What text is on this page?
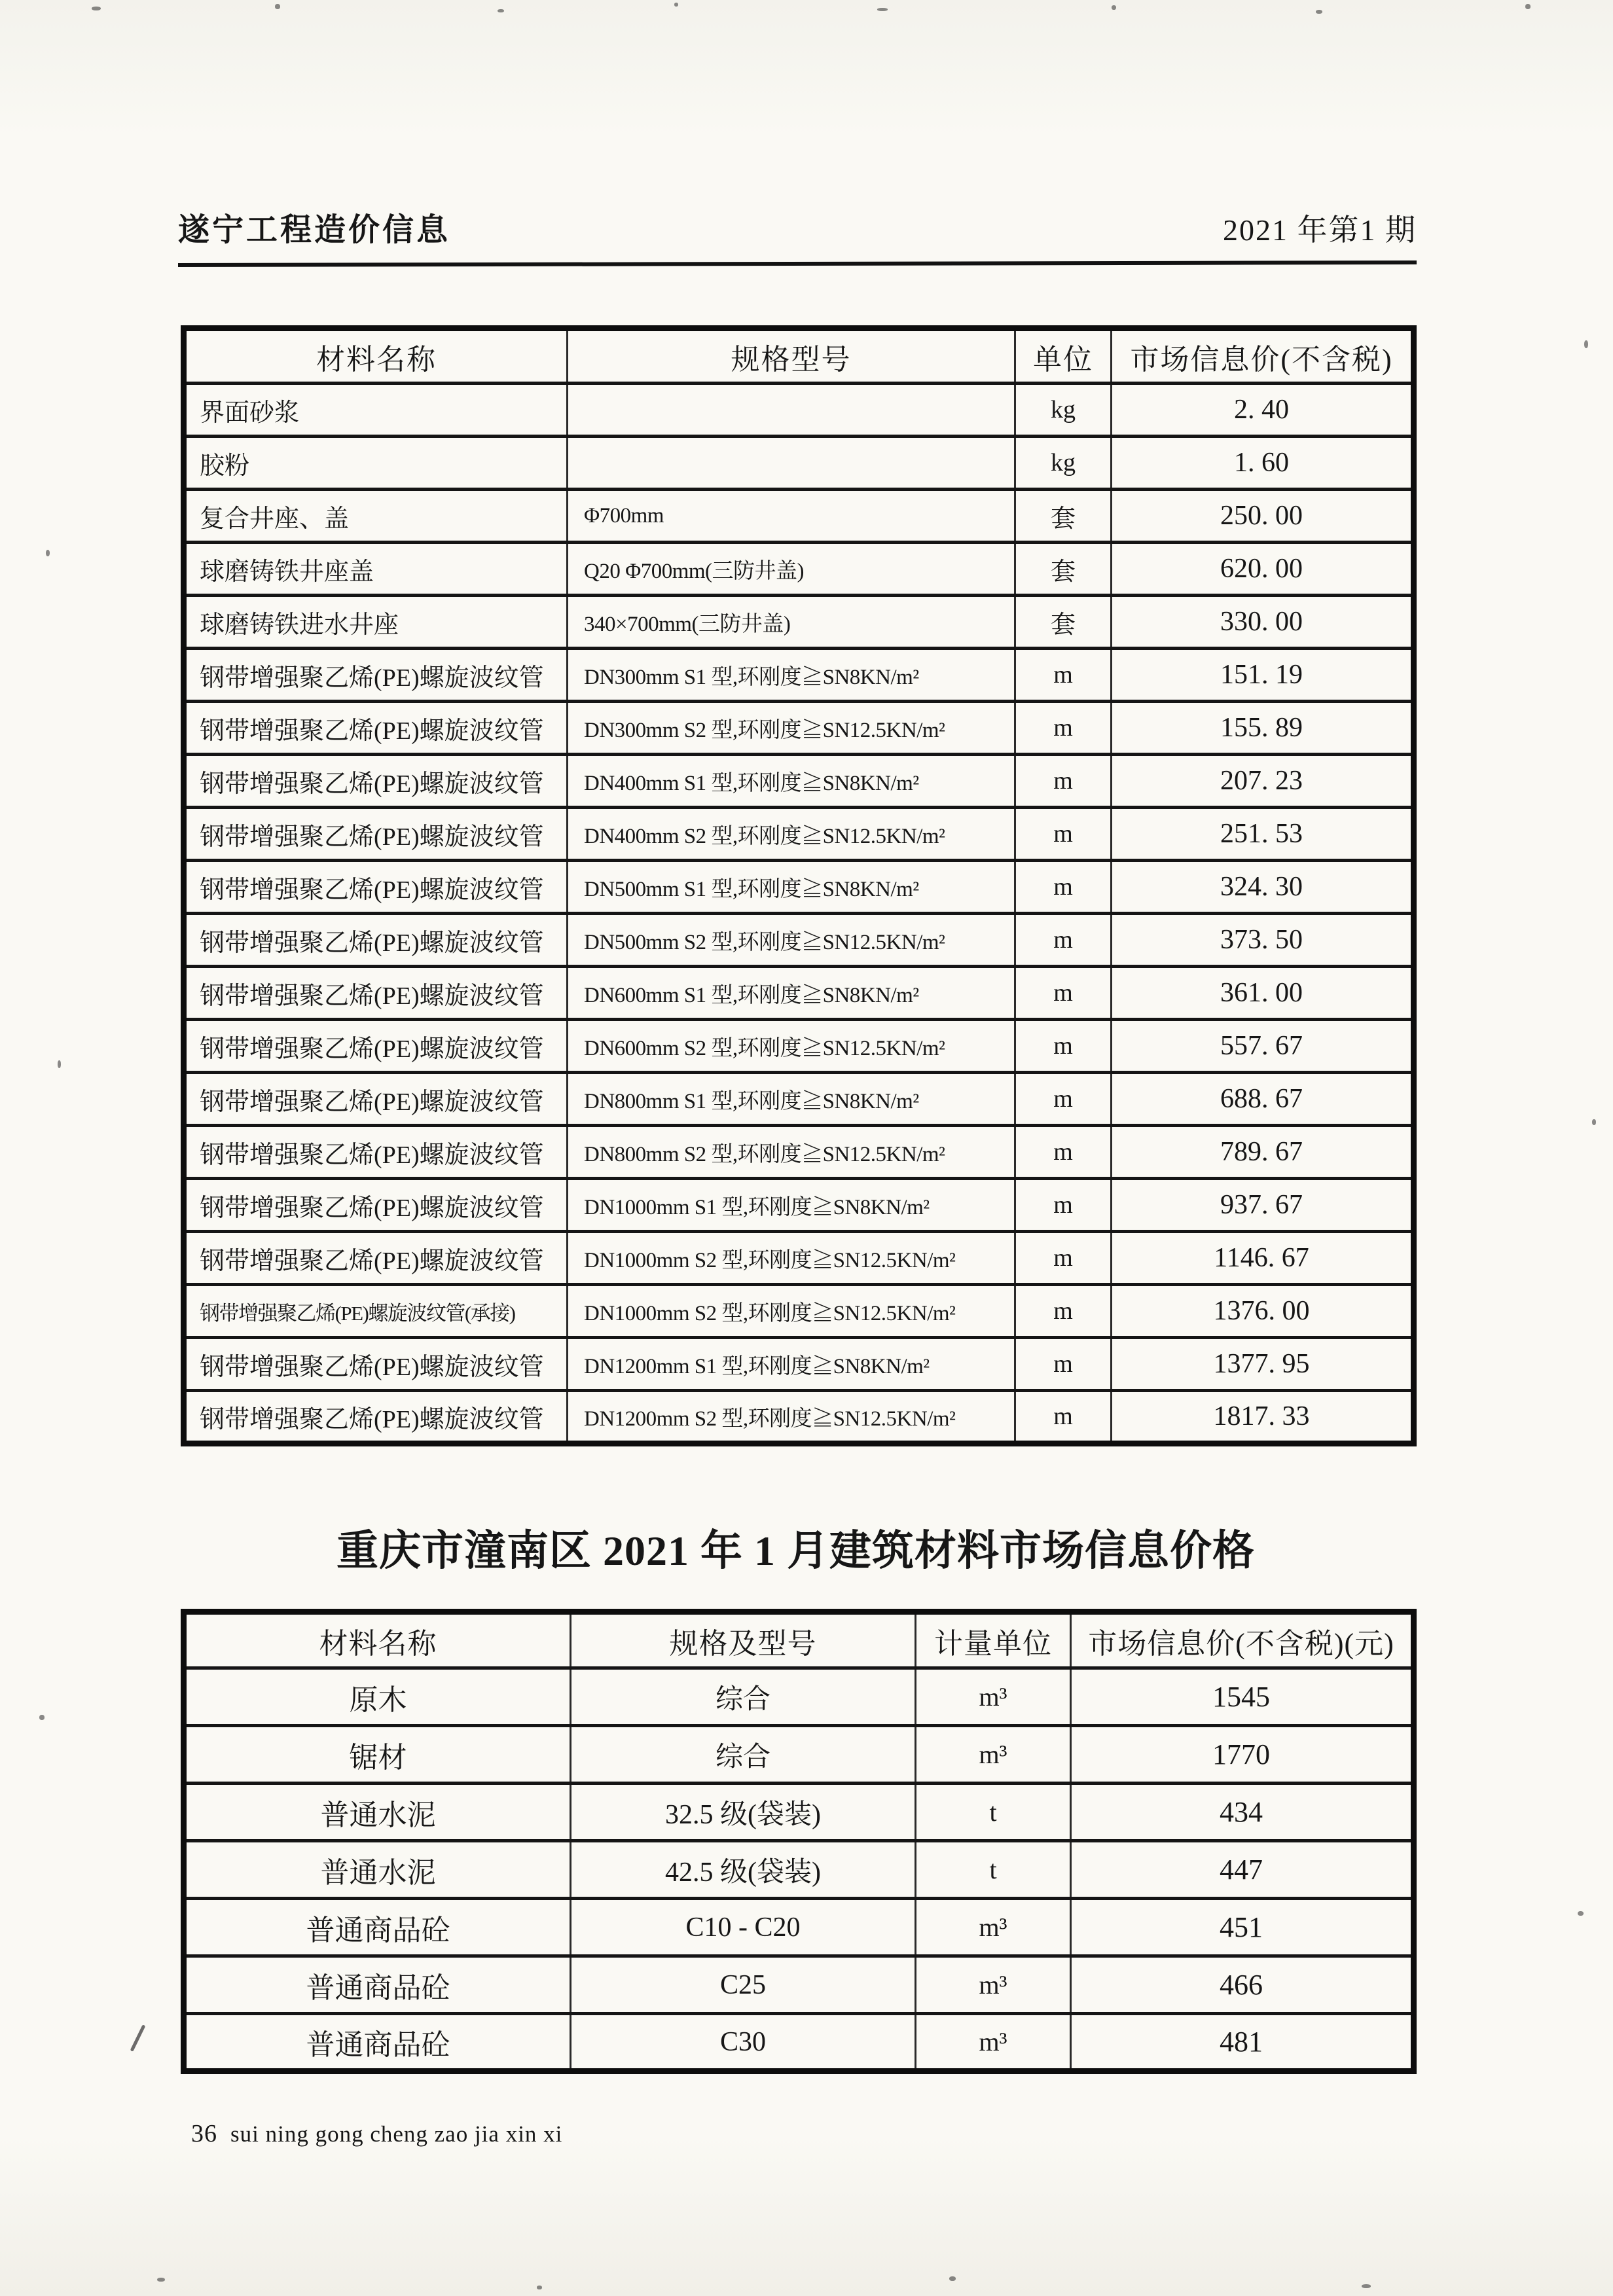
遂宁工程造价信息	2021 年第1 期
材料名称	规格型号	单位	市场信息价(不含税)
界面砂浆		kg	2. 40
胶粉		kg	1. 60
复合井座、盖	Φ700mm	套	250. 00
球磨铸铁井座盖	Q20 Φ700mm(三防井盖)	套	620. 00
球磨铸铁进水井座	340×700mm(三防井盖)	套	330. 00
钢带增强聚乙烯(PE)螺旋波纹管	DN300mm S1 型,环刚度≧SN8KN/m²	m	151. 19
钢带增强聚乙烯(PE)螺旋波纹管	DN300mm S2 型,环刚度≧SN12.5KN/m²	m	155. 89
钢带增强聚乙烯(PE)螺旋波纹管	DN400mm S1 型,环刚度≧SN8KN/m²	m	207. 23
钢带增强聚乙烯(PE)螺旋波纹管	DN400mm S2 型,环刚度≧SN12.5KN/m²	m	251. 53
钢带增强聚乙烯(PE)螺旋波纹管	DN500mm S1 型,环刚度≧SN8KN/m²	m	324. 30
钢带增强聚乙烯(PE)螺旋波纹管	DN500mm S2 型,环刚度≧SN12.5KN/m²	m	373. 50
钢带增强聚乙烯(PE)螺旋波纹管	DN600mm S1 型,环刚度≧SN8KN/m²	m	361. 00
钢带增强聚乙烯(PE)螺旋波纹管	DN600mm S2 型,环刚度≧SN12.5KN/m²	m	557. 67
钢带增强聚乙烯(PE)螺旋波纹管	DN800mm S1 型,环刚度≧SN8KN/m²	m	688. 67
钢带增强聚乙烯(PE)螺旋波纹管	DN800mm S2 型,环刚度≧SN12.5KN/m²	m	789. 67
钢带增强聚乙烯(PE)螺旋波纹管	DN1000mm S1 型,环刚度≧SN8KN/m²	m	937. 67
钢带增强聚乙烯(PE)螺旋波纹管	DN1000mm S2 型,环刚度≧SN12.5KN/m²	m	1146. 67
钢带增强聚乙烯(PE)螺旋波纹管(承接)	DN1000mm S2 型,环刚度≧SN12.5KN/m²	m	1376. 00
钢带增强聚乙烯(PE)螺旋波纹管	DN1200mm S1 型,环刚度≧SN8KN/m²	m	1377. 95
钢带增强聚乙烯(PE)螺旋波纹管	DN1200mm S2 型,环刚度≧SN12.5KN/m²	m	1817. 33
重庆市潼南区 2021 年 1 月建筑材料市场信息价格
材料名称	规格及型号	计量单位	市场信息价(不含税)(元)
原木	综合	m³	1545
锯材	综合	m³	1770
普通水泥	32.5 级(袋装)	t	434
普通水泥	42.5 级(袋装)	t	447
普通商品砼	C10 - C20	m³	451
普通商品砼	C25	m³	466
普通商品砼	C30	m³	481
36 sui ning gong cheng zao jia xin xi
